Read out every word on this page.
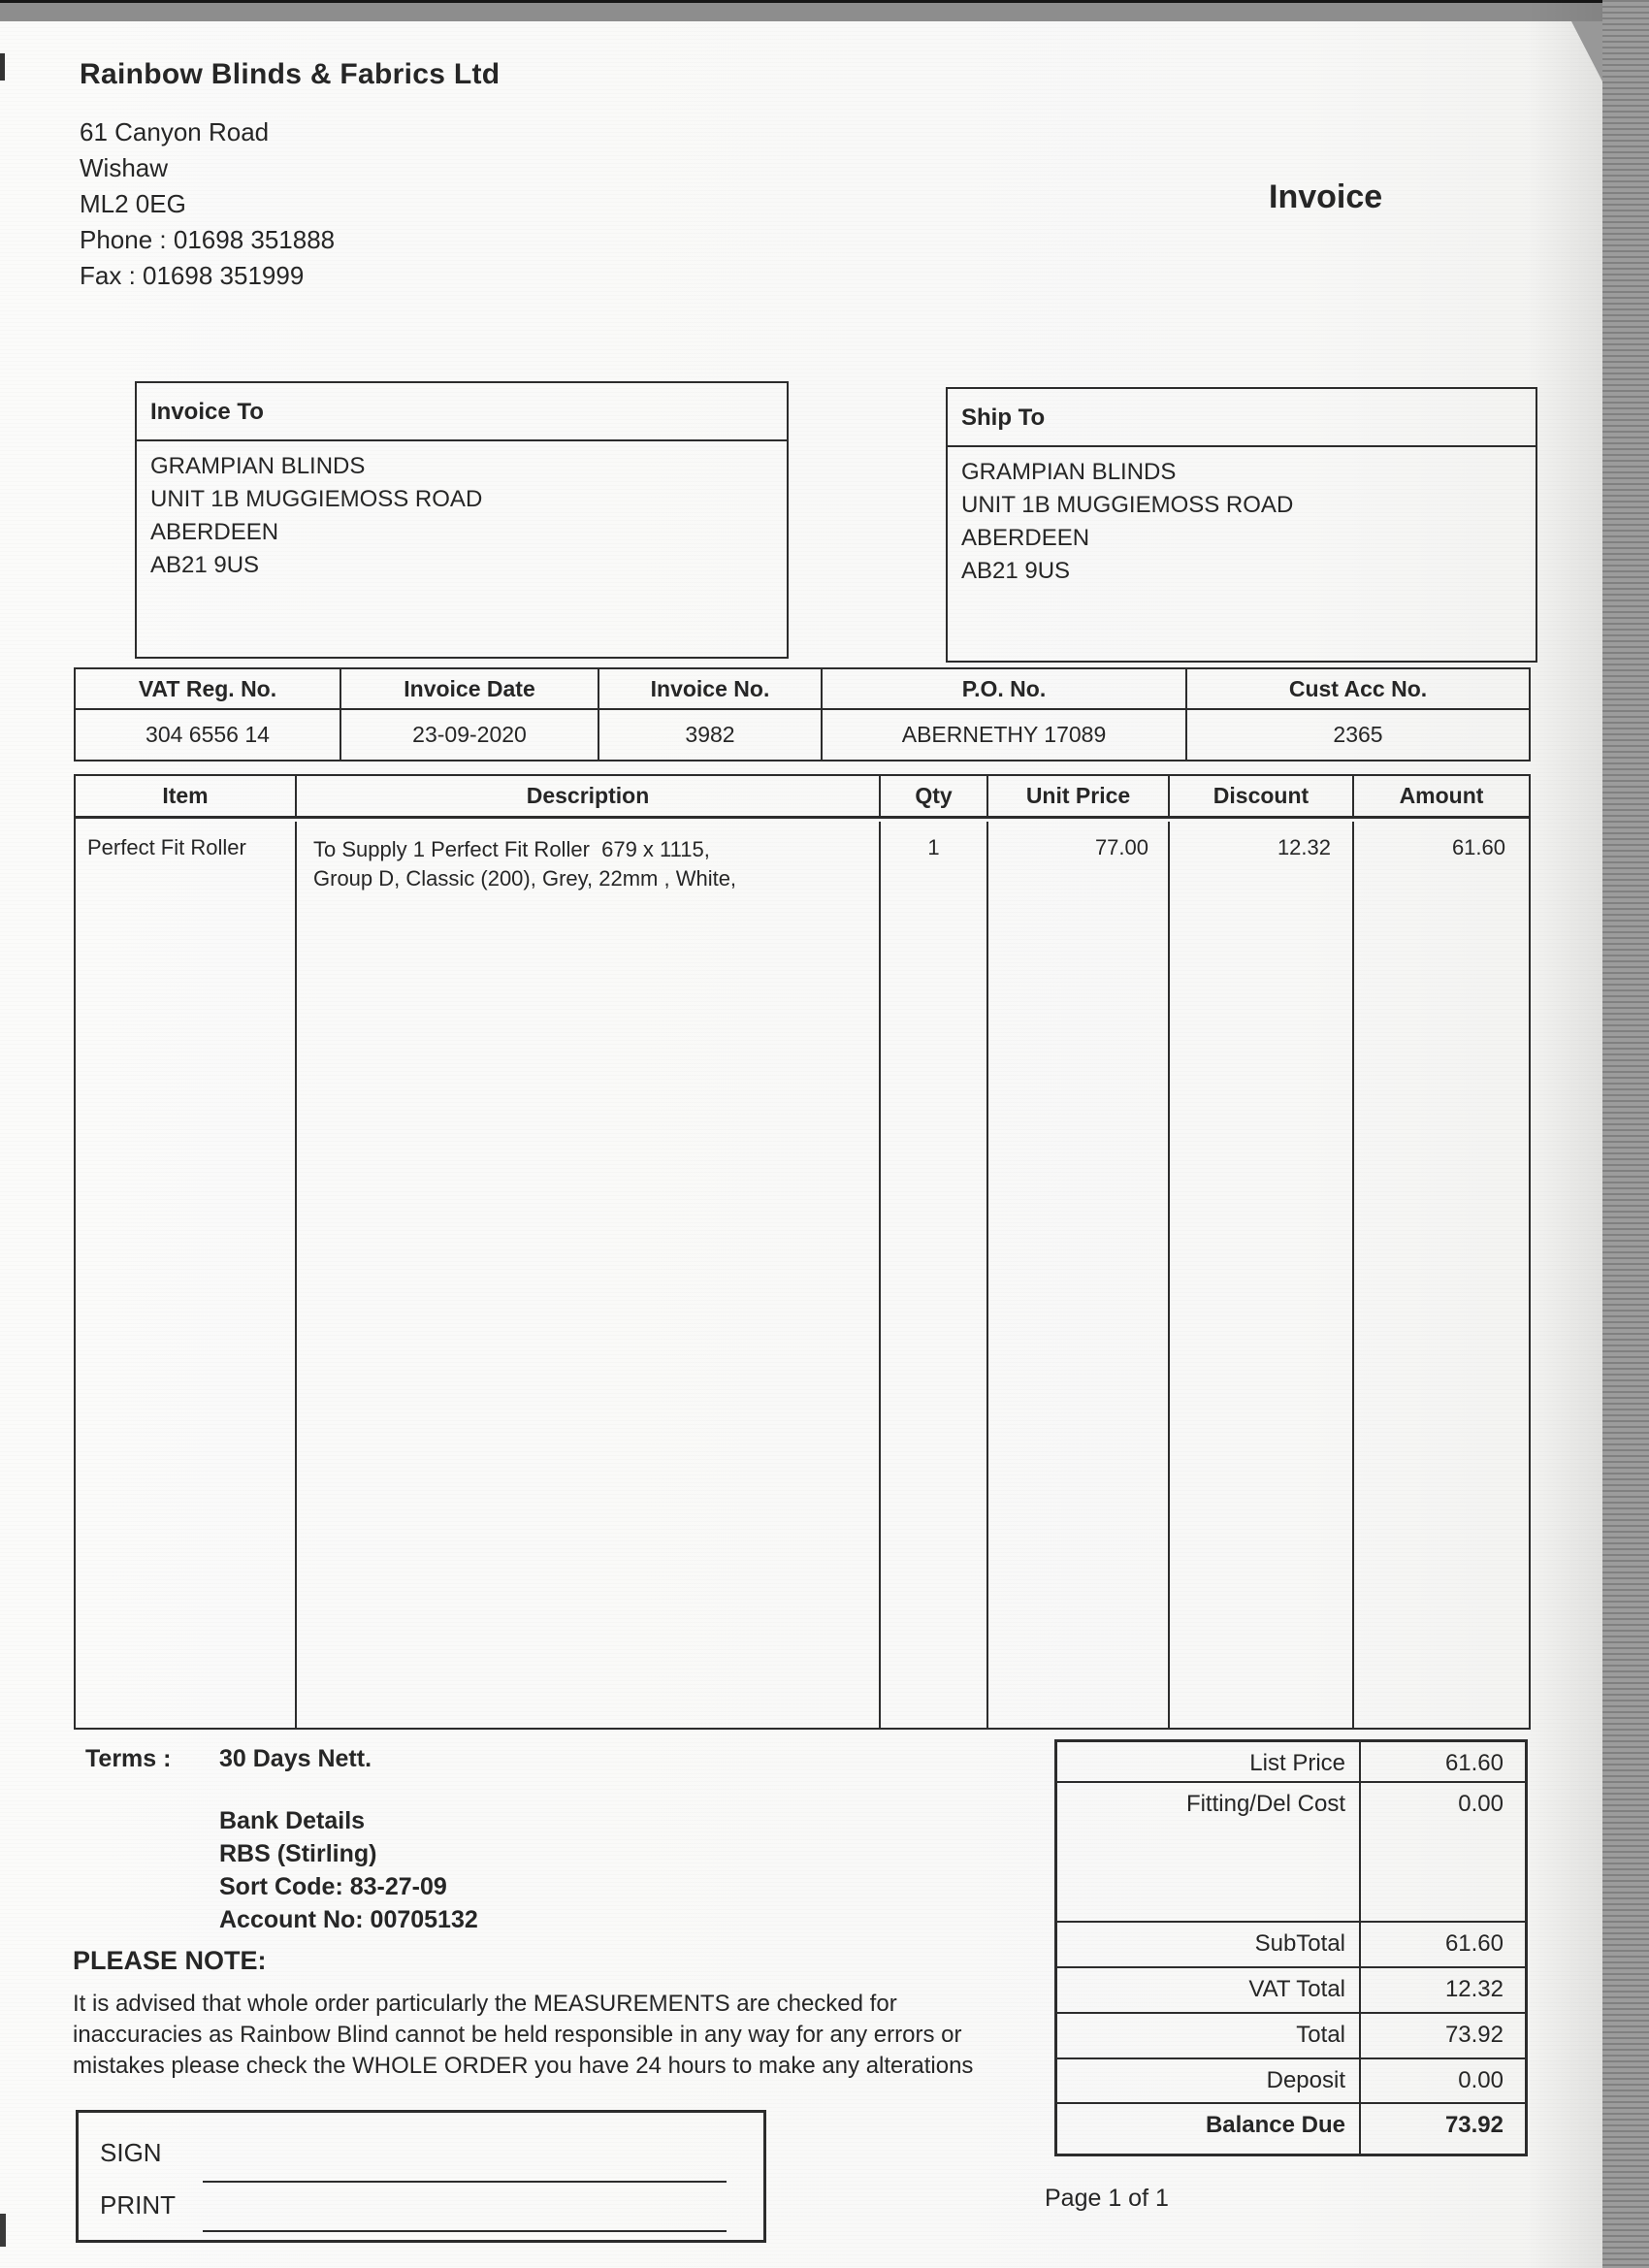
Rainbow Blinds & Fabrics Ltd
61 Canyon Road
Wishaw
ML2 0EG
Phone : 01698 351888
Fax : 01698 351999
Invoice
Invoice To
GRAMPIAN BLINDS
UNIT 1B MUGGIEMOSS ROAD
ABERDEEN
AB21 9US
Ship To
GRAMPIAN BLINDS
UNIT 1B MUGGIEMOSS ROAD
ABERDEEN
AB21 9US
VAT Reg. No.	Invoice Date	Invoice No.	P.O. No.	Cust Acc No.
304 6556 14	23-09-2020	3982	ABERNETHY 17089	2365
Item	Description	Qty	Unit Price	Discount	Amount
Perfect Fit Roller	To Supply 1 Perfect Fit Roller  679 x 1115,
Group D, Classic (200), Grey, 22mm , White,
1	77.00	12.32	61.60
Terms : 30 Days Nett.
Bank Details
RBS (Stirling)
Sort Code: 83-27-09
Account No: 00705132
PLEASE NOTE:
It is advised that whole order particularly the MEASUREMENTS are checked for
inaccuracies as Rainbow Blind cannot be held responsible in any way for any errors or
mistakes please check the WHOLE ORDER you have 24 hours to make any alterations
List Price	61.60
Fitting/Del Cost	0.00
SubTotal	61.60
VAT Total	12.32
Total	73.92
Deposit	0.00
Balance Due	73.92
SIGN
PRINT	Page 1 of 1
